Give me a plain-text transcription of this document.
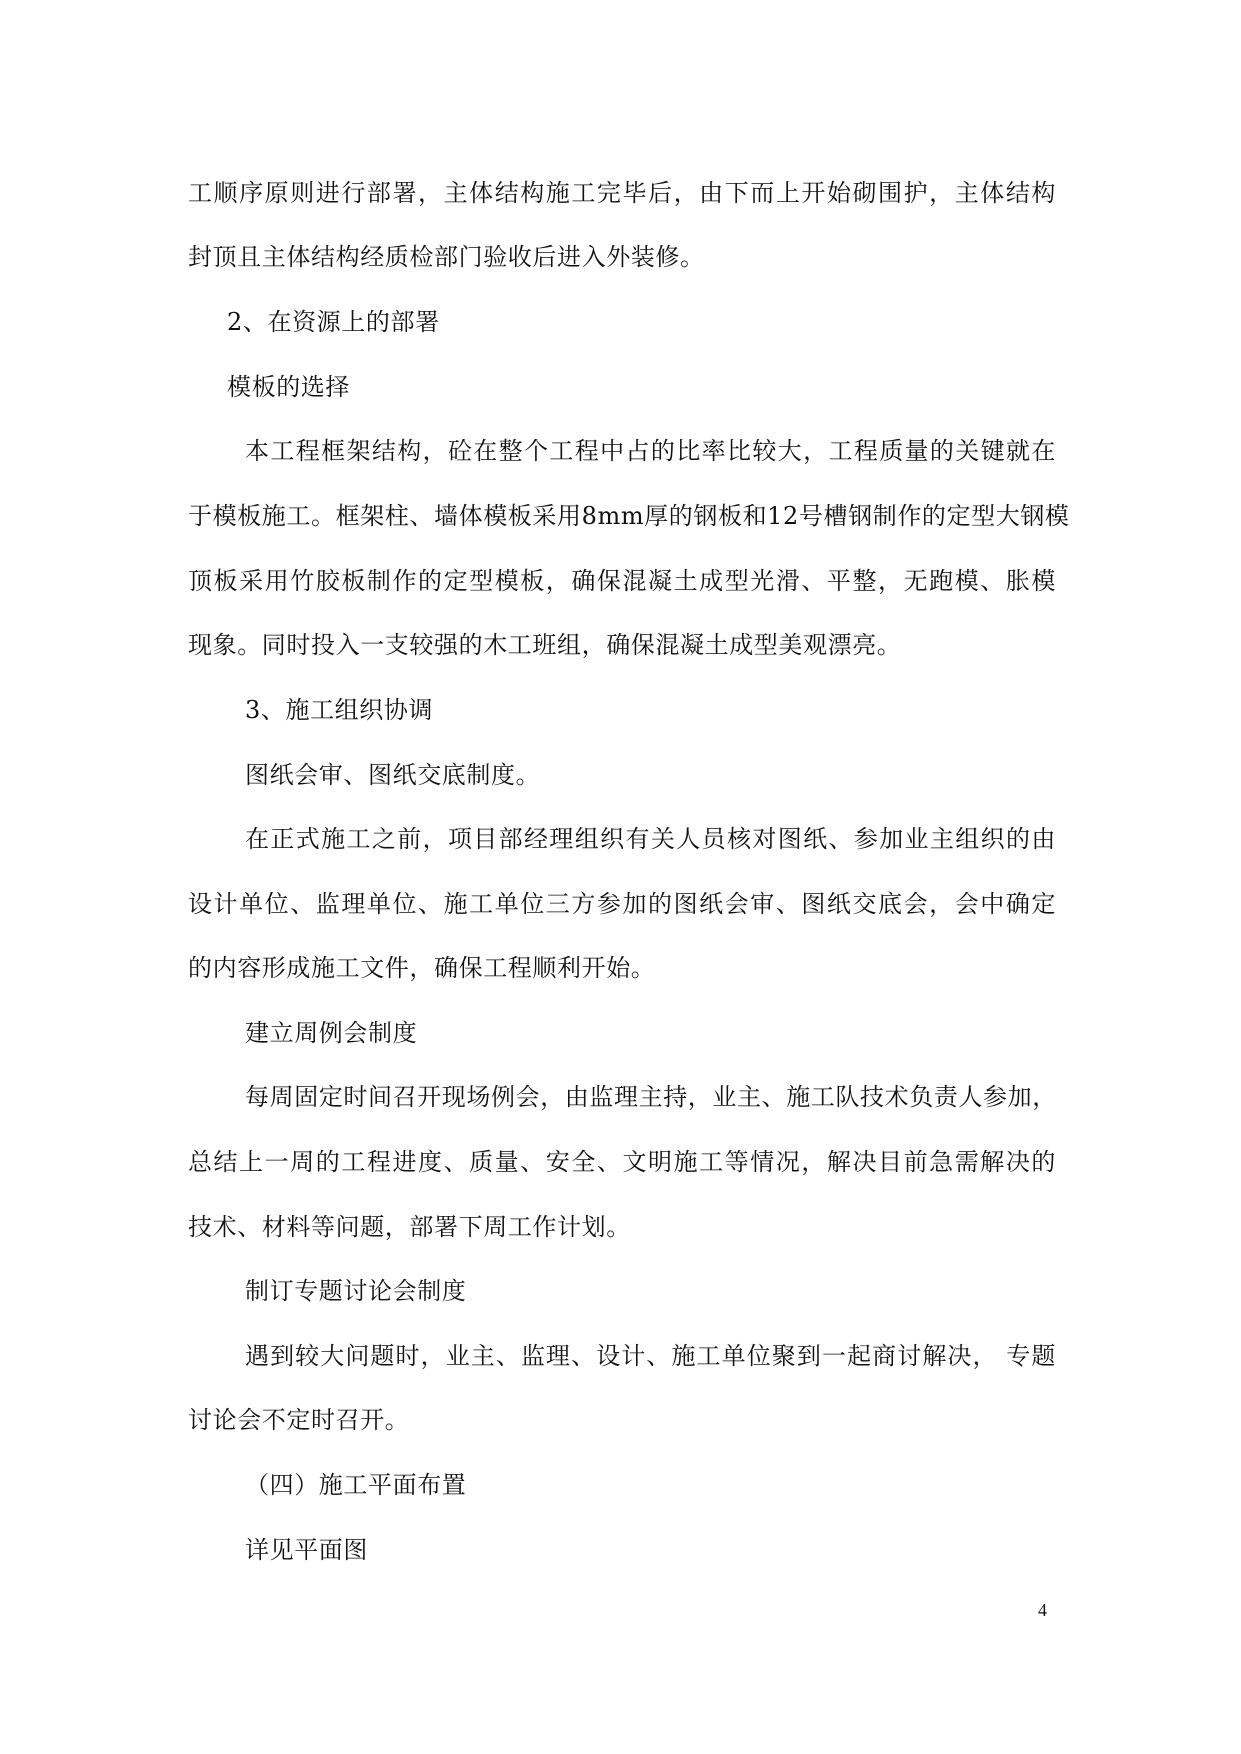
工顺序原则进行部署，主体结构施工完毕后，由下而上开始砌围护，主体结构
封顶且主体结构经质检部门验收后进入外装修。
2、在资源上的部署
模板的选择
本工程框架结构，砼在整个工程中占的比率比较大，工程质量的关键就在
于模板施工。框架柱、墙体模板采用8mm厚的钢板和12号槽钢制作的定型大钢模
顶板采用竹胶板制作的定型模板，确保混凝土成型光滑、平整，无跑模、胀模
现象。同时投入一支较强的木工班组，确保混凝土成型美观漂亮。
3、施工组织协调
图纸会审、图纸交底制度。
在正式施工之前，项目部经理组织有关人员核对图纸、参加业主组织的由
设计单位、监理单位、施工单位三方参加的图纸会审、图纸交底会，会中确定
的内容形成施工文件，确保工程顺利开始。
建立周例会制度
每周固定时间召开现场例会，由监理主持，业主、施工队技术负责人参加，
总结上一周的工程进度、质量、安全、文明施工等情况，解决目前急需解决的
技术、材料等问题，部署下周工作计划。
制订专题讨论会制度
遇到较大问题时，业主、监理、设计、施工单位聚到一起商讨解决， 专题
讨论会不定时召开。
（四）施工平面布置
详见平面图
4
